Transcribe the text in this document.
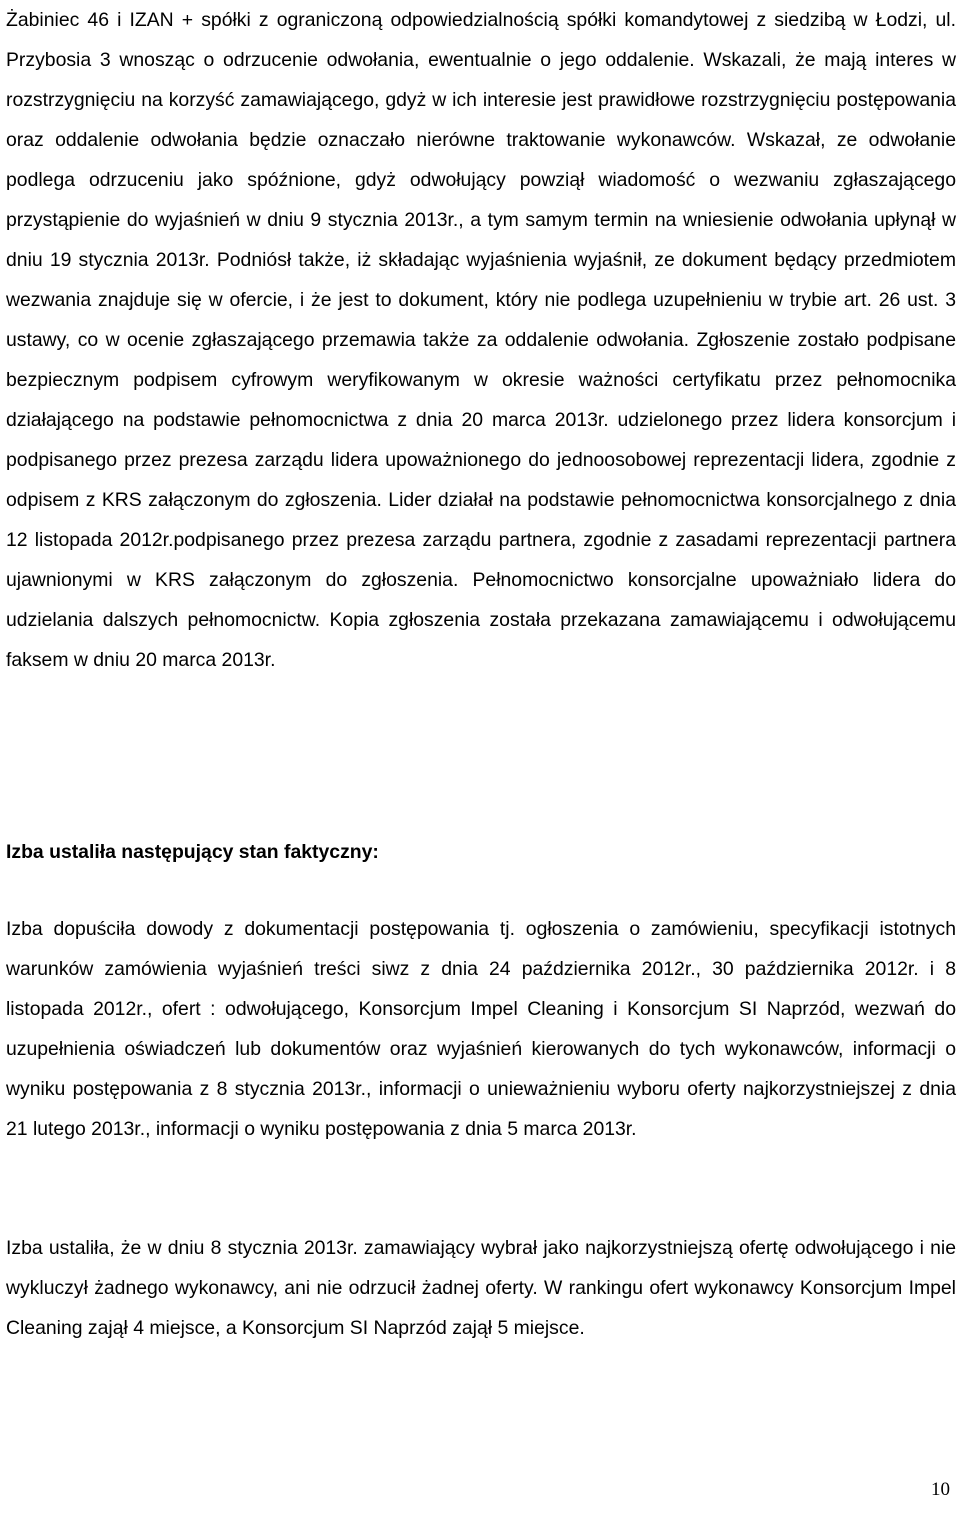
Żabiniec 46 i IZAN + spółki z ograniczoną odpowiedzialnością spółki komandytowej z siedzibą w Łodzi, ul. Przybosia 3 wnosząc o odrzucenie odwołania, ewentualnie o jego oddalenie. Wskazali, że mają interes w rozstrzygnięciu na korzyść zamawiającego, gdyż w ich interesie jest prawidłowe rozstrzygnięciu postępowania oraz oddalenie odwołania będzie oznaczało nierówne traktowanie wykonawców. Wskazał, ze odwołanie podlega odrzuceniu jako spóźnione, gdyż odwołujący powziął wiadomość o wezwaniu zgłaszającego przystąpienie do wyjaśnień w dniu 9 stycznia 2013r., a tym samym termin na wniesienie odwołania upłynął w dniu 19 stycznia 2013r. Podniósł także, iż składając wyjaśnienia wyjaśnił, ze dokument będący przedmiotem wezwania znajduje się w ofercie, i że jest to dokument, który nie podlega uzupełnieniu w trybie art. 26 ust. 3 ustawy, co w ocenie zgłaszającego przemawia także za oddalenie odwołania. Zgłoszenie zostało podpisane bezpiecznym podpisem cyfrowym weryfikowanym w okresie ważności certyfikatu przez pełnomocnika działającego na podstawie pełnomocnictwa z dnia 20 marca 2013r. udzielonego przez lidera konsorcjum i podpisanego przez prezesa zarządu lidera upoważnionego do jednoosobowej reprezentacji lidera, zgodnie z odpisem z KRS załączonym do zgłoszenia. Lider działał na podstawie pełnomocnictwa konsorcjalnego z dnia 12 listopada 2012r.podpisanego przez prezesa zarządu partnera, zgodnie z zasadami reprezentacji partnera ujawnionymi w KRS załączonym do zgłoszenia. Pełnomocnictwo konsorcjalne upoważniało lidera do udzielania dalszych pełnomocnictw. Kopia zgłoszenia została przekazana zamawiającemu i odwołującemu faksem w dniu 20 marca 2013r.

Izba ustaliła następujący stan faktyczny:

Izba dopuściła dowody z dokumentacji postępowania tj. ogłoszenia o zamówieniu, specyfikacji istotnych warunków zamówienia wyjaśnień treści siwz z dnia 24 października 2012r., 30 października 2012r. i 8 listopada 2012r., ofert : odwołującego, Konsorcjum Impel Cleaning i Konsorcjum SI Naprzód, wezwań do uzupełnienia oświadczeń lub dokumentów oraz wyjaśnień kierowanych do tych wykonawców, informacji o wyniku postępowania z 8 stycznia 2013r., informacji o unieważnieniu wyboru oferty najkorzystniejszej z dnia 21 lutego 2013r., informacji o wyniku postępowania z dnia 5 marca 2013r.

Izba ustaliła, że w dniu 8 stycznia 2013r. zamawiający wybrał jako najkorzystniejszą ofertę odwołującego i nie wykluczył żadnego wykonawcy, ani nie odrzucił żadnej oferty. W rankingu ofert wykonawcy Konsorcjum Impel Cleaning zajął 4 miejsce, a Konsorcjum SI Naprzód zajął 5 miejsce.

10
